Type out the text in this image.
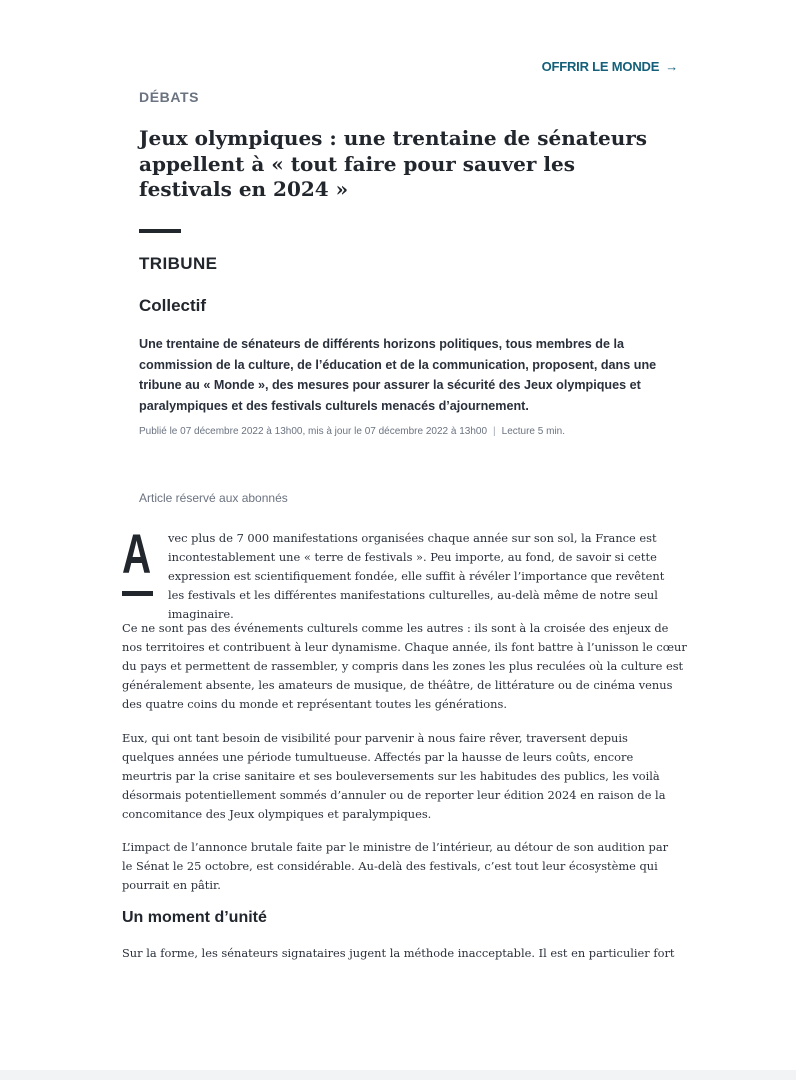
OFFRIR LE MONDE →
DÉBATS
Jeux olympiques : une trentaine de sénateurs appellent à « tout faire pour sauver les festivals en 2024 »
TRIBUNE
Collectif

Une trentaine de sénateurs de différents horizons politiques, tous membres de la commission de la culture, de l’éducation et de la communication, proposent, dans une tribune au « Monde », des mesures pour assurer la sécurité des Jeux olympiques et paralympiques et des festivals culturels menacés d’ajournement.

Publié le 07 décembre 2022 à 13h00, mis à jour le 07 décembre 2022 à 13h00 | Lecture 5 min.
Article réservé aux abonnés
A vec plus de 7 000 manifestations organisées chaque année sur son sol, la France est incontestablement une « terre de festivals ». Peu importe, au fond, de savoir si cette expression est scientifiquement fondée, elle suffit à révéler l’importance que revêtent les festivals et les différentes manifestations culturelles, au-delà même de notre seul imaginaire.

Ce ne sont pas des événements culturels comme les autres : ils sont à la croisée des enjeux de nos territoires et contribuent à leur dynamisme. Chaque année, ils font battre à l’unisson le cœur du pays et permettent de rassembler, y compris dans les zones les plus reculées où la culture est généralement absente, les amateurs de musique, de théâtre, de littérature ou de cinéma venus des quatre coins du monde et représentant toutes les générations.

Eux, qui ont tant besoin de visibilité pour parvenir à nous faire rêver, traversent depuis quelques années une période tumultueuse. Affectés par la hausse de leurs coûts, encore meurtris par la crise sanitaire et ses bouleversements sur les habitudes des publics, les voilà désormais potentiellement sommés d’annuler ou de reporter leur édition 2024 en raison de la concomitance des Jeux olympiques et paralympiques.

L’impact de l’annonce brutale faite par le ministre de l’intérieur, au détour de son audition par le Sénat le 25 octobre, est considérable. Au-delà des festivals, c’est tout leur écosystème qui pourrait en pâtir.

Un moment d’unité

Sur la forme, les sénateurs signataires jugent la méthode inacceptable. Il est en particulier fort
